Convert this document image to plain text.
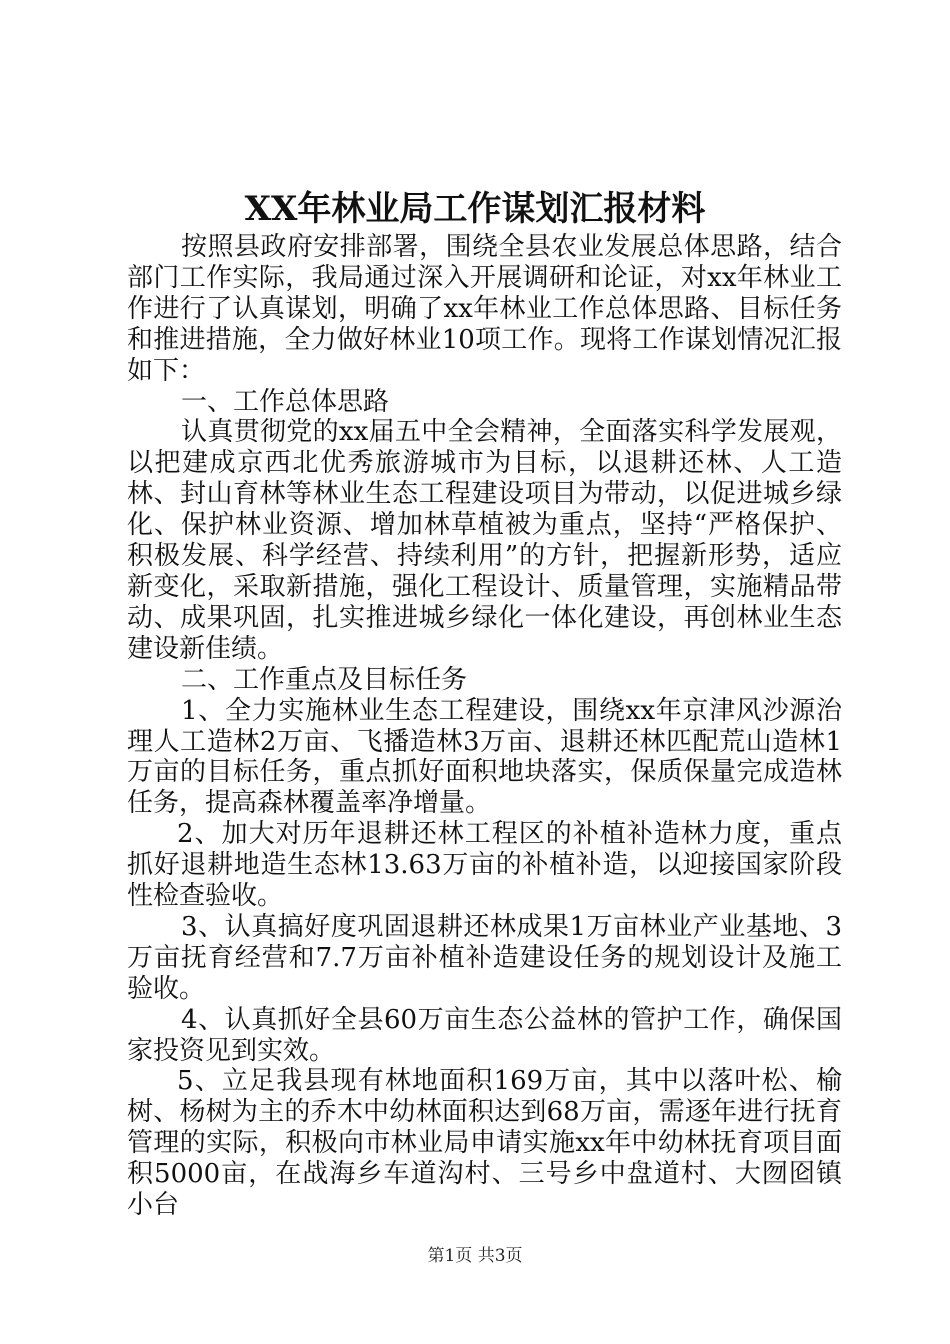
XX年林业局工作谋划汇报材料

按照县政府安排部署，围绕全县农业发展总体思路，结合部门工作实际，我局通过深入开展调研和论证，对xx年林业工作进行了认真谋划，明确了xx年林业工作总体思路、目标任务和推进措施，全力做好林业10项工作。现将工作谋划情况汇报如下：

一、工作总体思路

认真贯彻党的xx届五中全会精神，全面落实科学发展观，以把建成京西北优秀旅游城市为目标，以退耕还林、人工造林、封山育林等林业生态工程建设项目为带动，以促进城乡绿化、保护林业资源、增加林草植被为重点，坚持“严格保护、积极发展、科学经营、持续利用”的方针，把握新形势，适应新变化，采取新措施，强化工程设计、质量管理，实施精品带动、成果巩固，扎实推进城乡绿化一体化建设，再创林业生态建设新佳绩。

二、工作重点及目标任务

1、全力实施林业生态工程建设，围绕xx年京津风沙源治理人工造林2万亩、飞播造林3万亩、退耕还林匹配荒山造林1万亩的目标任务，重点抓好面积地块落实，保质保量完成造林任务，提高森林覆盖率净增量。

2、加大对历年退耕还林工程区的补植补造林力度，重点抓好退耕地造生态林13.63万亩的补植补造，以迎接国家阶段性检查验收。

3、认真搞好度巩固退耕还林成果1万亩林业产业基地、3万亩抚育经营和7.7万亩补植补造建设任务的规划设计及施工验收。

4、认真抓好全县60万亩生态公益林的管护工作，确保国家投资见到实效。

5、立足我县现有林地面积169万亩，其中以落叶松、榆树、杨树为主的乔木中幼林面积达到68万亩，需逐年进行抚育管理的实际，积极向市林业局申请实施xx年中幼林抚育项目面积5000亩，在战海乡车道沟村、三号乡中盘道村、大囫囵镇小台

第1页 共3页
